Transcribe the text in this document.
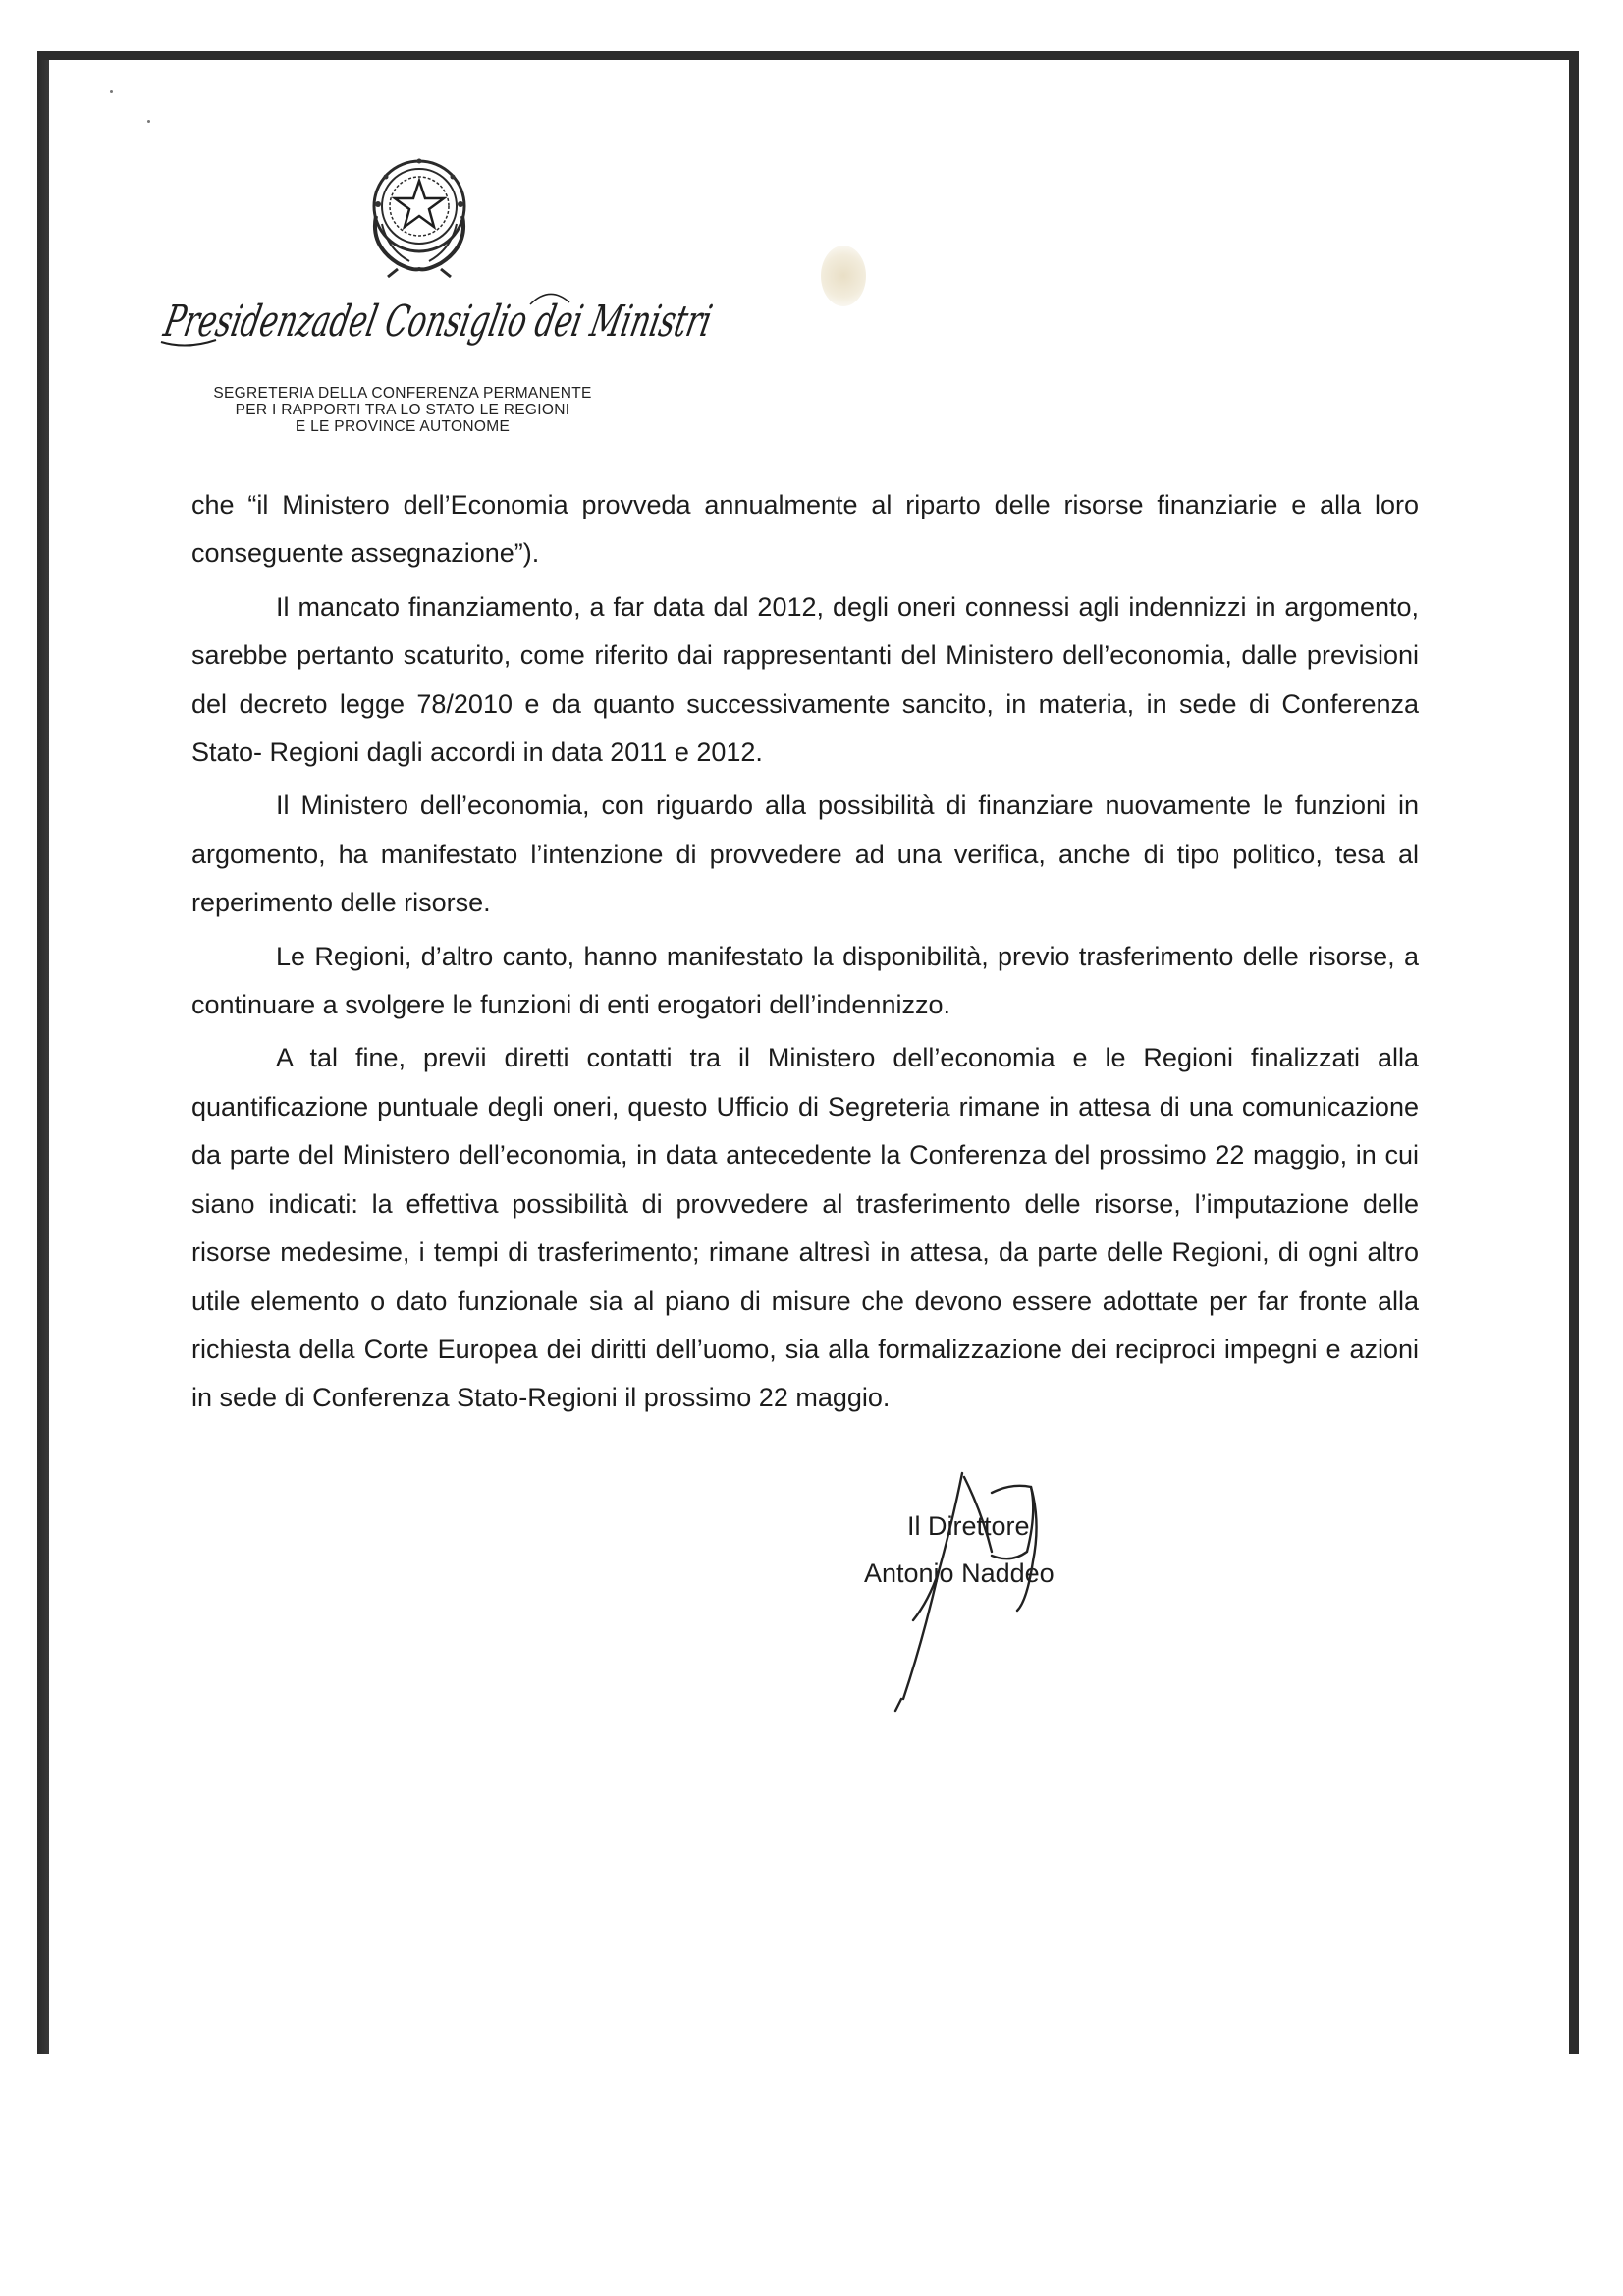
Presidenzadel Consiglio dei Ministri
SEGRETERIA DELLA CONFERENZA PERMANENTE
PER I RAPPORTI TRA LO STATO LE REGIONI
E LE PROVINCE AUTONOME

che “il Ministero dell’Economia provveda annualmente al riparto delle risorse finanziarie e alla loro conseguente assegnazione”).

Il mancato finanziamento, a far data dal 2012, degli oneri connessi agli indennizzi in argomento, sarebbe pertanto scaturito, come riferito dai rappresentanti del Ministero dell’economia, dalle previsioni del decreto legge 78/2010 e da quanto successivamente sancito, in materia, in sede di Conferenza Stato- Regioni dagli accordi in data 2011 e 2012.

Il Ministero dell’economia, con riguardo alla possibilità di finanziare nuovamente le funzioni in argomento, ha manifestato l’intenzione di provvedere ad una verifica, anche di tipo politico, tesa al reperimento delle risorse.

Le Regioni, d’altro canto, hanno manifestato la disponibilità, previo trasferimento delle risorse, a continuare a svolgere le funzioni di enti erogatori dell’indennizzo.

A tal fine, previi diretti contatti tra il Ministero dell’economia e le Regioni finalizzati alla quantificazione puntuale degli oneri, questo Ufficio di Segreteria rimane in attesa di una comunicazione da parte del Ministero dell’economia, in data antecedente la Conferenza del prossimo 22 maggio, in cui siano indicati: la effettiva possibilità di provvedere al trasferimento delle risorse, l’imputazione delle risorse medesime, i tempi di trasferimento; rimane altresì in attesa, da parte delle Regioni, di ogni altro utile elemento o dato funzionale sia al piano di misure che devono essere adottate per far fronte alla richiesta della Corte Europea dei diritti dell’uomo, sia alla formalizzazione dei reciproci impegni e azioni in sede di Conferenza Stato-Regioni il prossimo 22 maggio.

Il Direttore
Antonio Naddeo
